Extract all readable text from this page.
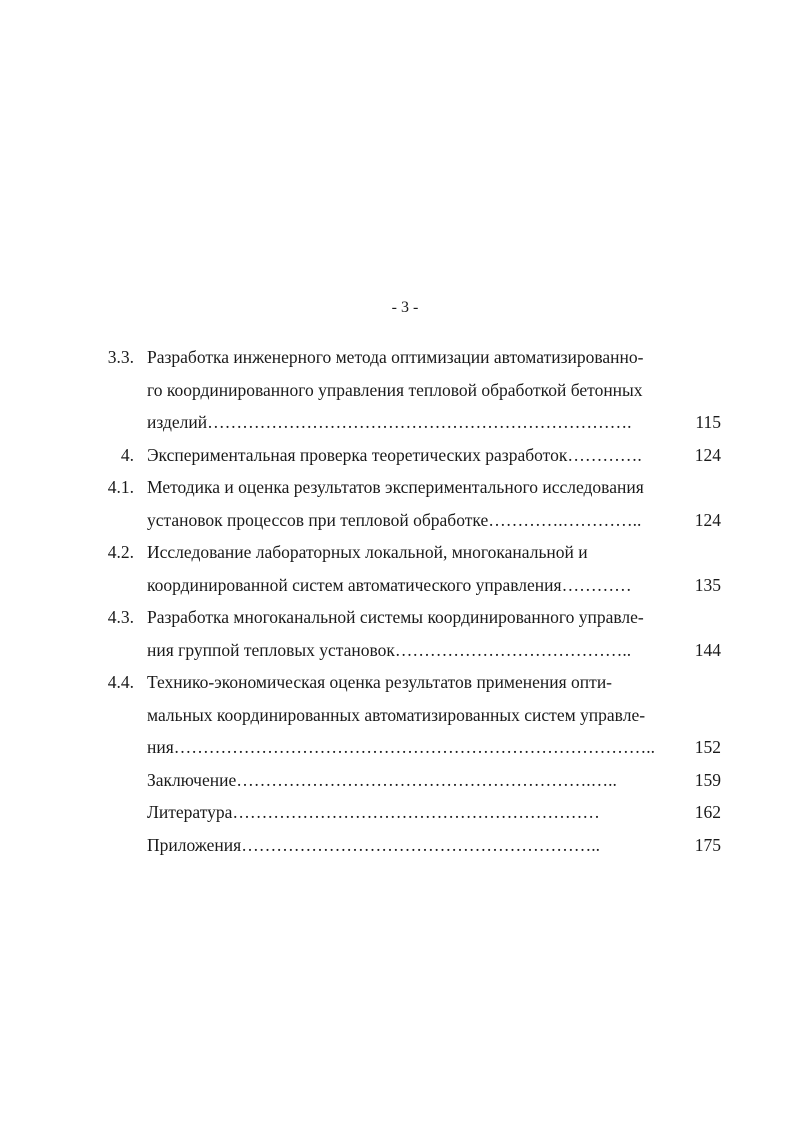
- 3 -
3.3. Разработка инженерного метода оптимизации автоматизированно-
го координированного управления тепловой обработкой бетонных
изделий……………………………………………………………….	115
4. Экспериментальная проверка теоретических разработок………….	124
4.1. Методика и оценка результатов экспериментального исследования
установок процессов при тепловой обработке………….…………..	124
4.2. Исследование лабораторных локальной, многоканальной и
координированной систем автоматического управления…………	135
4.3. Разработка многоканальной системы координированного управле-
ния группой тепловых установок…………………………………..	144
4.4. Технико-экономическая оценка результатов применения опти-
мальных координированных автоматизированных систем управле-
ния……………………………………………………………………….. 152
Заключение…………………………………………………….…..	159
Литература………………………………………………………	162
Приложения……………………………………………………..	175
